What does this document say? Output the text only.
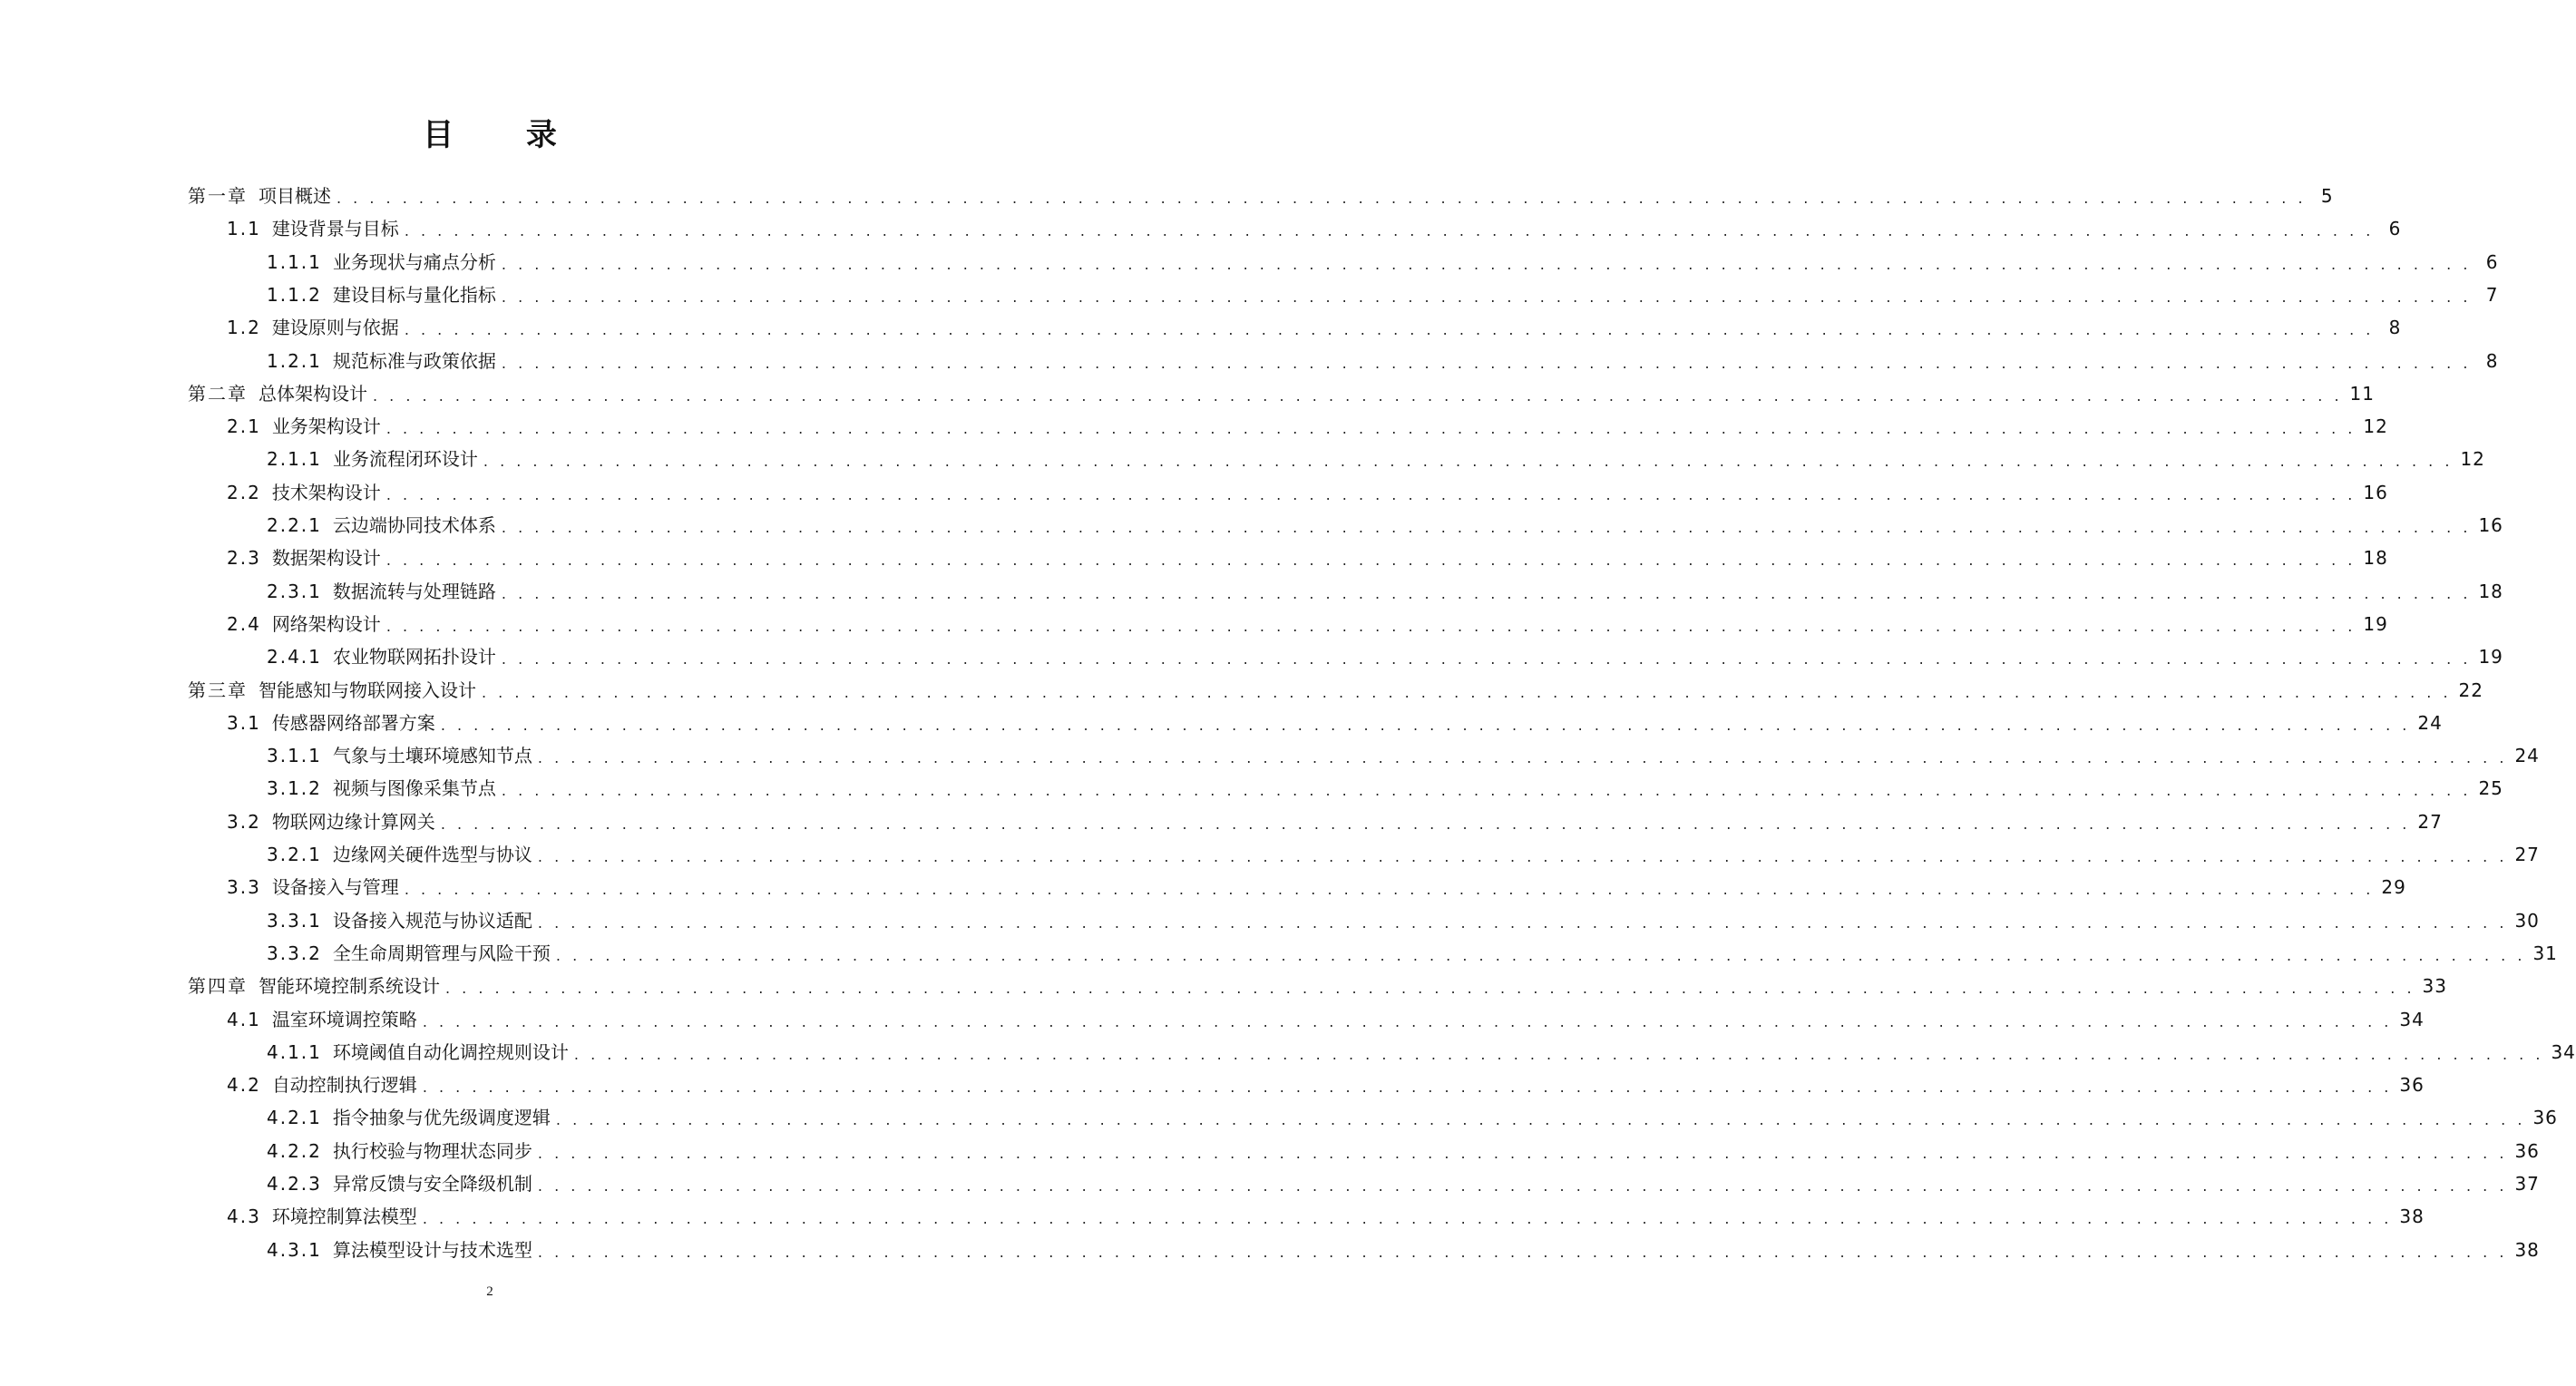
目 录
第一章 项目概述 . . . . . . . . . . . . . . . . . . . . . . . . . . . . . . . . . . . . . . . . . . . . . . . . . . . . . . . . . . . . . . . . . . . . . . . . . . . . . . . . . . . . . . . . . . . . . . . . . . . . . . . . . . . . . . . . . . . . . . . . 5
1.1 建设背景与目标 . . . . . . . . . . . . . . . . . . . . . . . . . . . . . . . . . . . . . . . . . . . . . . . . . . . . . . . . . . . . . . . . . . . . . . . . . . . . . . . . . . . . . . . . . . . . . . . . . . . . . . . . . . . . . . . . . . . . . . . . 6
1.1.1 业务现状与痛点分析 . . . . . . . . . . . . . . . . . . . . . . . . . . . . . . . . . . . . . . . . . . . . . . . . . . . . . . . . . . . . . . . . . . . . . . . . . . . . . . . . . . . . . . . . . . . . . . . . . . . . . . . . . . . . . . . . . . . . . . . . 6
1.1.2 建设目标与量化指标 . . . . . . . . . . . . . . . . . . . . . . . . . . . . . . . . . . . . . . . . . . . . . . . . . . . . . . . . . . . . . . . . . . . . . . . . . . . . . . . . . . . . . . . . . . . . . . . . . . . . . . . . . . . . . . . . . . . . . . . . 7
1.2 建设原则与依据 . . . . . . . . . . . . . . . . . . . . . . . . . . . . . . . . . . . . . . . . . . . . . . . . . . . . . . . . . . . . . . . . . . . . . . . . . . . . . . . . . . . . . . . . . . . . . . . . . . . . . . . . . . . . . . . . . . . . . . . . 8
1.2.1 规范标准与政策依据 . . . . . . . . . . . . . . . . . . . . . . . . . . . . . . . . . . . . . . . . . . . . . . . . . . . . . . . . . . . . . . . . . . . . . . . . . . . . . . . . . . . . . . . . . . . . . . . . . . . . . . . . . . . . . . . . . . . . . . . . 8
第二章 总体架构设计 . . . . . . . . . . . . . . . . . . . . . . . . . . . . . . . . . . . . . . . . . . . . . . . . . . . . . . . . . . . . . . . . . . . . . . . . . . . . . . . . . . . . . . . . . . . . . . . . . . . . . . . . . . . . . . . . . . . . . . . . 11
2.1 业务架构设计 . . . . . . . . . . . . . . . . . . . . . . . . . . . . . . . . . . . . . . . . . . . . . . . . . . . . . . . . . . . . . . . . . . . . . . . . . . . . . . . . . . . . . . . . . . . . . . . . . . . . . . . . . . . . . . . . . . . . . . . . 12
2.1.1 业务流程闭环设计 . . . . . . . . . . . . . . . . . . . . . . . . . . . . . . . . . . . . . . . . . . . . . . . . . . . . . . . . . . . . . . . . . . . . . . . . . . . . . . . . . . . . . . . . . . . . . . . . . . . . . . . . . . . . . . . . . . . . . . . . 12
2.2 技术架构设计 . . . . . . . . . . . . . . . . . . . . . . . . . . . . . . . . . . . . . . . . . . . . . . . . . . . . . . . . . . . . . . . . . . . . . . . . . . . . . . . . . . . . . . . . . . . . . . . . . . . . . . . . . . . . . . . . . . . . . . . . 16
2.2.1 云边端协同技术体系 . . . . . . . . . . . . . . . . . . . . . . . . . . . . . . . . . . . . . . . . . . . . . . . . . . . . . . . . . . . . . . . . . . . . . . . . . . . . . . . . . . . . . . . . . . . . . . . . . . . . . . . . . . . . . . . . . . . . . . . . 16
2.3 数据架构设计 . . . . . . . . . . . . . . . . . . . . . . . . . . . . . . . . . . . . . . . . . . . . . . . . . . . . . . . . . . . . . . . . . . . . . . . . . . . . . . . . . . . . . . . . . . . . . . . . . . . . . . . . . . . . . . . . . . . . . . . . 18
2.3.1 数据流转与处理链路 . . . . . . . . . . . . . . . . . . . . . . . . . . . . . . . . . . . . . . . . . . . . . . . . . . . . . . . . . . . . . . . . . . . . . . . . . . . . . . . . . . . . . . . . . . . . . . . . . . . . . . . . . . . . . . . . . . . . . . . . 18
2.4 网络架构设计 . . . . . . . . . . . . . . . . . . . . . . . . . . . . . . . . . . . . . . . . . . . . . . . . . . . . . . . . . . . . . . . . . . . . . . . . . . . . . . . . . . . . . . . . . . . . . . . . . . . . . . . . . . . . . . . . . . . . . . . . 19
2.4.1 农业物联网拓扑设计 . . . . . . . . . . . . . . . . . . . . . . . . . . . . . . . . . . . . . . . . . . . . . . . . . . . . . . . . . . . . . . . . . . . . . . . . . . . . . . . . . . . . . . . . . . . . . . . . . . . . . . . . . . . . . . . . . . . . . . . . 19
第三章 智能感知与物联网接入设计 . . . . . . . . . . . . . . . . . . . . . . . . . . . . . . . . . . . . . . . . . . . . . . . . . . . . . . . . . . . . . . . . . . . . . . . . . . . . . . . . . . . . . . . . . . . . . . . . . . . . . . . . . . . . . . . . . . . . . . . . 22
3.1 传感器网络部署方案 . . . . . . . . . . . . . . . . . . . . . . . . . . . . . . . . . . . . . . . . . . . . . . . . . . . . . . . . . . . . . . . . . . . . . . . . . . . . . . . . . . . . . . . . . . . . . . . . . . . . . . . . . . . . . . . . . . . . . . . . 24
3.1.1 气象与土壤环境感知节点 . . . . . . . . . . . . . . . . . . . . . . . . . . . . . . . . . . . . . . . . . . . . . . . . . . . . . . . . . . . . . . . . . . . . . . . . . . . . . . . . . . . . . . . . . . . . . . . . . . . . . . . . . . . . . . . . . . . . . . . . 24
3.1.2 视频与图像采集节点 . . . . . . . . . . . . . . . . . . . . . . . . . . . . . . . . . . . . . . . . . . . . . . . . . . . . . . . . . . . . . . . . . . . . . . . . . . . . . . . . . . . . . . . . . . . . . . . . . . . . . . . . . . . . . . . . . . . . . . . . 25
3.2 物联网边缘计算网关 . . . . . . . . . . . . . . . . . . . . . . . . . . . . . . . . . . . . . . . . . . . . . . . . . . . . . . . . . . . . . . . . . . . . . . . . . . . . . . . . . . . . . . . . . . . . . . . . . . . . . . . . . . . . . . . . . . . . . . . . 27
3.2.1 边缘网关硬件选型与协议 . . . . . . . . . . . . . . . . . . . . . . . . . . . . . . . . . . . . . . . . . . . . . . . . . . . . . . . . . . . . . . . . . . . . . . . . . . . . . . . . . . . . . . . . . . . . . . . . . . . . . . . . . . . . . . . . . . . . . . . . 27
3.3 设备接入与管理 . . . . . . . . . . . . . . . . . . . . . . . . . . . . . . . . . . . . . . . . . . . . . . . . . . . . . . . . . . . . . . . . . . . . . . . . . . . . . . . . . . . . . . . . . . . . . . . . . . . . . . . . . . . . . . . . . . . . . . . . 29
3.3.1 设备接入规范与协议适配 . . . . . . . . . . . . . . . . . . . . . . . . . . . . . . . . . . . . . . . . . . . . . . . . . . . . . . . . . . . . . . . . . . . . . . . . . . . . . . . . . . . . . . . . . . . . . . . . . . . . . . . . . . . . . . . . . . . . . . . . 30
3.3.2 全生命周期管理与风险干预 . . . . . . . . . . . . . . . . . . . . . . . . . . . . . . . . . . . . . . . . . . . . . . . . . . . . . . . . . . . . . . . . . . . . . . . . . . . . . . . . . . . . . . . . . . . . . . . . . . . . . . . . . . . . . . . . . . . . . . . . 31
第四章 智能环境控制系统设计 . . . . . . . . . . . . . . . . . . . . . . . . . . . . . . . . . . . . . . . . . . . . . . . . . . . . . . . . . . . . . . . . . . . . . . . . . . . . . . . . . . . . . . . . . . . . . . . . . . . . . . . . . . . . . . . . . . . . . . . . 33
4.1 温室环境调控策略 . . . . . . . . . . . . . . . . . . . . . . . . . . . . . . . . . . . . . . . . . . . . . . . . . . . . . . . . . . . . . . . . . . . . . . . . . . . . . . . . . . . . . . . . . . . . . . . . . . . . . . . . . . . . . . . . . . . . . . . . 34
4.1.1 环境阈值自动化调控规则设计 . . . . . . . . . . . . . . . . . . . . . . . . . . . . . . . . . . . . . . . . . . . . . . . . . . . . . . . . . . . . . . . . . . . . . . . . . . . . . . . . . . . . . . . . . . . . . . . . . . . . . . . . . . . . . . . . . . . . . . . . 34
4.2 自动控制执行逻辑 . . . . . . . . . . . . . . . . . . . . . . . . . . . . . . . . . . . . . . . . . . . . . . . . . . . . . . . . . . . . . . . . . . . . . . . . . . . . . . . . . . . . . . . . . . . . . . . . . . . . . . . . . . . . . . . . . . . . . . . . 36
4.2.1 指令抽象与优先级调度逻辑 . . . . . . . . . . . . . . . . . . . . . . . . . . . . . . . . . . . . . . . . . . . . . . . . . . . . . . . . . . . . . . . . . . . . . . . . . . . . . . . . . . . . . . . . . . . . . . . . . . . . . . . . . . . . . . . . . . . . . . . . 36
4.2.2 执行校验与物理状态同步 . . . . . . . . . . . . . . . . . . . . . . . . . . . . . . . . . . . . . . . . . . . . . . . . . . . . . . . . . . . . . . . . . . . . . . . . . . . . . . . . . . . . . . . . . . . . . . . . . . . . . . . . . . . . . . . . . . . . . . . . 36
4.2.3 异常反馈与安全降级机制 . . . . . . . . . . . . . . . . . . . . . . . . . . . . . . . . . . . . . . . . . . . . . . . . . . . . . . . . . . . . . . . . . . . . . . . . . . . . . . . . . . . . . . . . . . . . . . . . . . . . . . . . . . . . . . . . . . . . . . . . 37
4.3 环境控制算法模型 . . . . . . . . . . . . . . . . . . . . . . . . . . . . . . . . . . . . . . . . . . . . . . . . . . . . . . . . . . . . . . . . . . . . . . . . . . . . . . . . . . . . . . . . . . . . . . . . . . . . . . . . . . . . . . . . . . . . . . . . 38
4.3.1 算法模型设计与技术选型 . . . . . . . . . . . . . . . . . . . . . . . . . . . . . . . . . . . . . . . . . . . . . . . . . . . . . . . . . . . . . . . . . . . . . . . . . . . . . . . . . . . . . . . . . . . . . . . . . . . . . . . . . . . . . . . . . . . . . . . . 38
2
